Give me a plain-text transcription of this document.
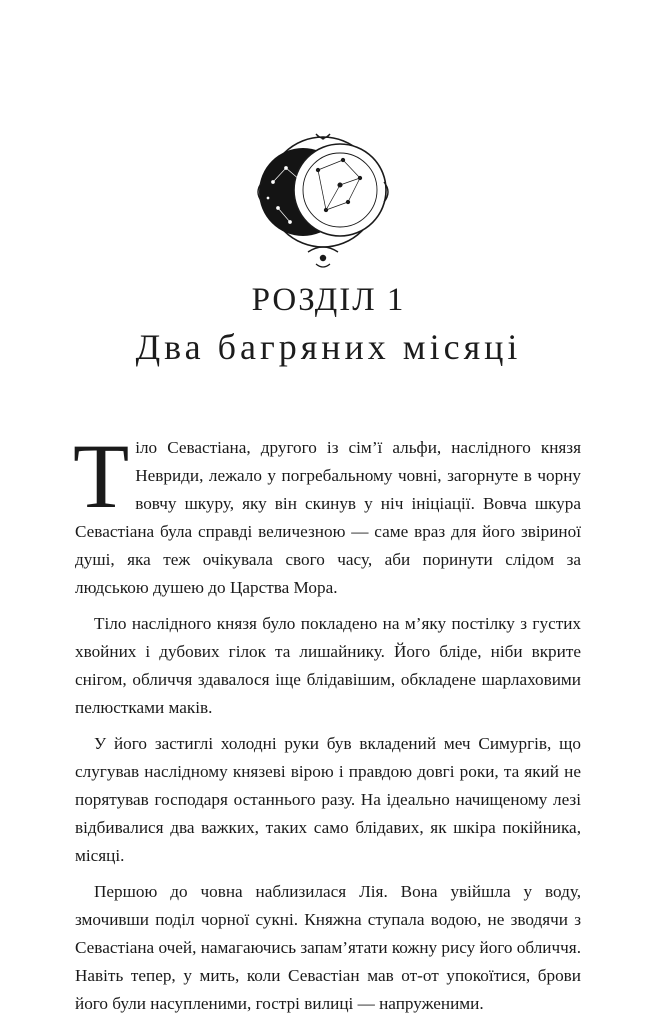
РОЗДІЛ 1
Два багряних місяці

Тіло Севастіана, другого із сім’ї альфи, наслідного князя Невриди, лежало у погребальному човні, загорнуте в чорну вовчу шкуру, яку він скинув у ніч ініціації. Вовча шкура Севастіана була справді величезною — саме враз для його звіриної душі, яка теж очікувала свого часу, аби поринути слідом за людською душею до Царства Мора.

Тіло наслідного князя було покладено на м’яку постілку з густих хвойних і дубових гілок та лишайнику. Його бліде, ніби вкрите снігом, обличчя здавалося іще блідавішим, обкладене шарлаховими пелюстками маків.

У його застиглі холодні руки був вкладений меч Симургів, що слугував наслідному князеві вірою і правдою довгі роки, та який не порятував господаря останнього разу. На ідеально начищеному лезі відбивалися два важких, таких само блідавих, як шкіра покійника, місяці.

Першою до човна наблизилася Лія. Вона увійшла у воду, змочивши поділ чорної сукні. Княжна ступала водою, не зводячи з Севастіана очей, намагаючись запам’ятати кожну рису його обличчя. Навіть тепер, у мить, коли Севастіан мав от-от упокоїтися, брови його були насупленими, гострі вилиці — напруженими.
